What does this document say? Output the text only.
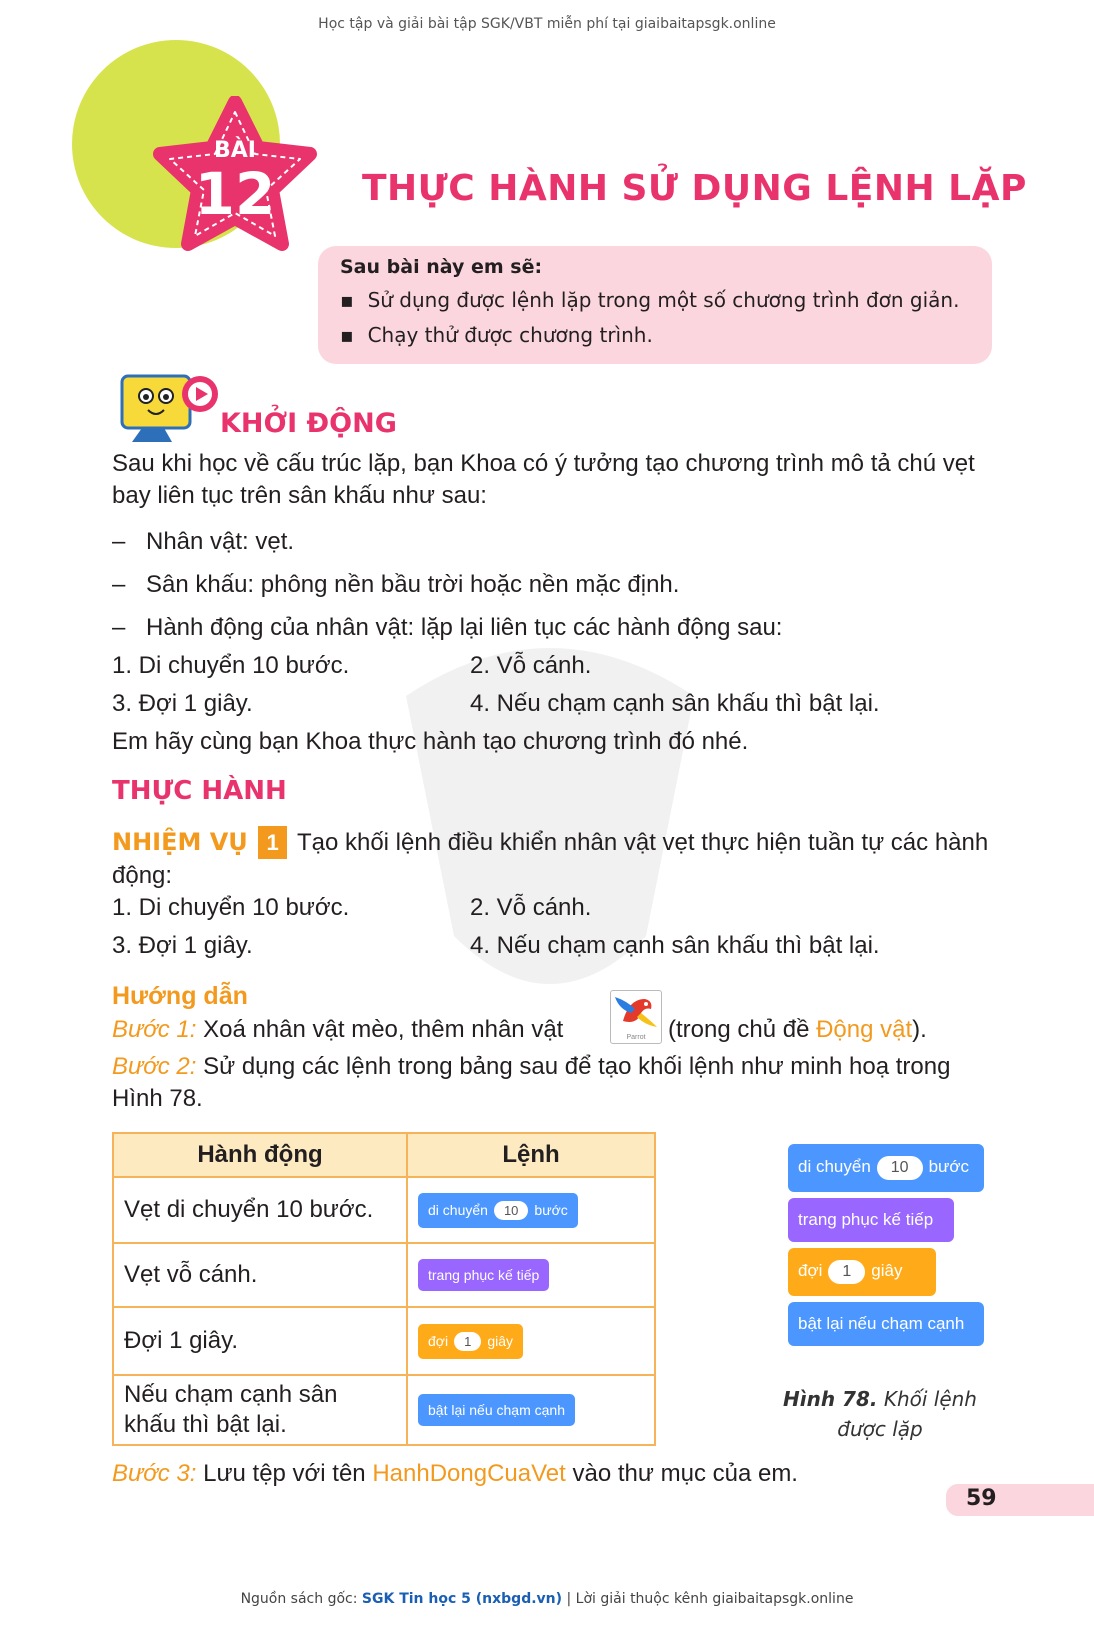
Học tập và giải bài tập SGK/VBT miễn phí tại giaibaitapsgk.online
BÀI
12 THỰC HÀNH SỬ DỤNG LỆNH LẶP
Sau bài này em sẽ:
▪ Sử dụng được lệnh lặp trong một số chương trình đơn giản.
▪ Chạy thử được chương trình.
KHỞI ĐỘNG
Sau khi học về cấu trúc lặp, bạn Khoa có ý tưởng tạo chương trình mô tả chú vẹt bay liên tục trên sân khấu như sau:
– Nhân vật: vẹt.
– Sân khấu: phông nền bầu trời hoặc nền mặc định.
– Hành động của nhân vật: lặp lại liên tục các hành động sau:
1. Di chuyển 10 bước.	2. Vỗ cánh.
3. Đợi 1 giây.	4. Nếu chạm cạnh sân khấu thì bật lại.
Em hãy cùng bạn Khoa thực hành tạo chương trình đó nhé.
THỰC HÀNH
NHIỆM VỤ 1 Tạo khối lệnh điều khiển nhân vật vẹt thực hiện tuần tự các hành động:
1. Di chuyển 10 bước.	2. Vỗ cánh.
3. Đợi 1 giây.	4. Nếu chạm cạnh sân khấu thì bật lại.
Hướng dẫn
Bước 1: Xoá nhân vật mèo, thêm nhân vật	Parrot (trong chủ đề Động vật).
Bước 2: Sử dụng các lệnh trong bảng sau để tạo khối lệnh như minh hoạ trong Hình 78.
Hành động	Lệnh
Vẹt di chuyển 10 bước.	di chuyển 10 bước
Vẹt vỗ cánh.	trang phục kế tiếp
Đợi 1 giây.	đợi 1 giây
Nếu chạm cạnh sân khấu thì bật lại.	bật lại nếu chạm cạnh
di chuyển 10 bước
trang phục kế tiếp
đợi 1 giây
bật lại nếu chạm cạnh
Hình 78. Khối lệnh được lặp
Bước 3: Lưu tệp với tên HanhDongCuaVet vào thư mục của em.
59
Nguồn sách gốc: SGK Tin học 5 (nxbgd.vn) | Lời giải thuộc kênh giaibaitapsgk.online
